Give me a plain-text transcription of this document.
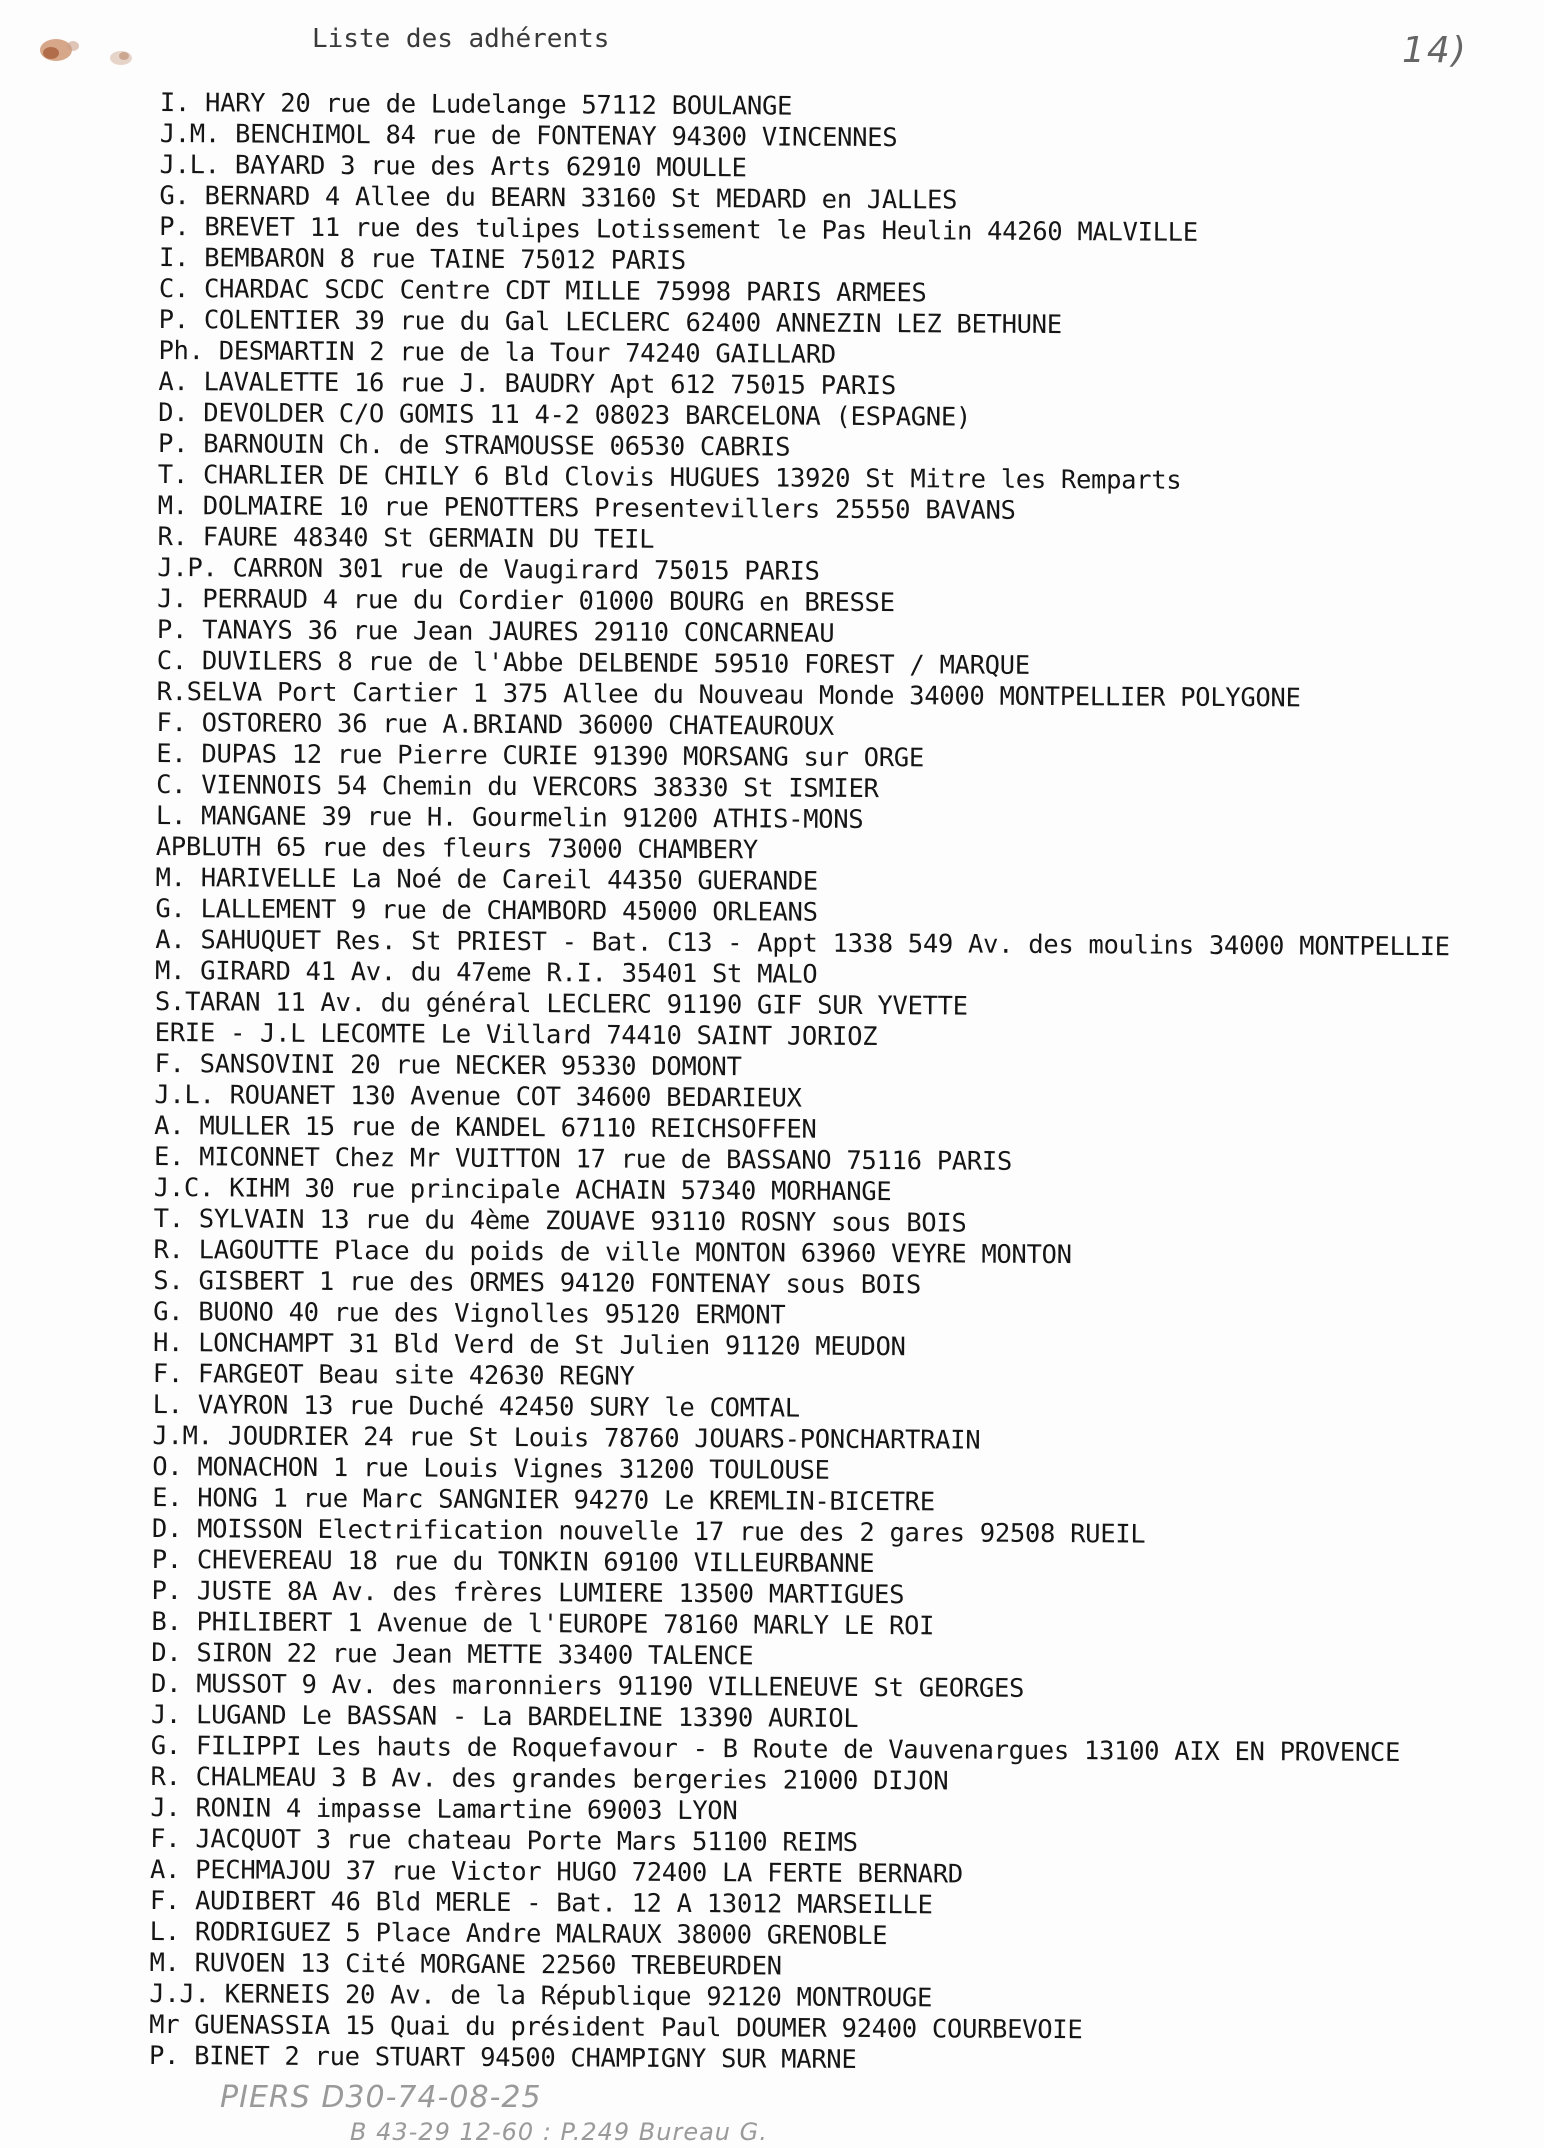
Liste des adhérents	14)
I. HARY 20 rue de Ludelange 57112 BOULANGE
J.M. BENCHIMOL 84 rue de FONTENAY 94300 VINCENNES
J.L. BAYARD 3 rue des Arts 62910 MOULLE
G. BERNARD 4 Allee du BEARN 33160 St MEDARD en JALLES
P. BREVET 11 rue des tulipes Lotissement le Pas Heulin 44260 MALVILLE
I. BEMBARON 8 rue TAINE 75012 PARIS
C. CHARDAC SCDC Centre CDT MILLE 75998 PARIS ARMEES
P. COLENTIER 39 rue du Gal LECLERC 62400 ANNEZIN LEZ BETHUNE
Ph. DESMARTIN 2 rue de la Tour 74240 GAILLARD
A. LAVALETTE 16 rue J. BAUDRY Apt 612 75015 PARIS
D. DEVOLDER C/O GOMIS 11 4-2 08023 BARCELONA (ESPAGNE)
P. BARNOUIN Ch. de STRAMOUSSE 06530 CABRIS
T. CHARLIER DE CHILY 6 Bld Clovis HUGUES 13920 St Mitre les Remparts
M. DOLMAIRE 10 rue PENOTTERS Presentevillers 25550 BAVANS
R. FAURE 48340 St GERMAIN DU TEIL
J.P. CARRON 301 rue de Vaugirard 75015 PARIS
J. PERRAUD 4 rue du Cordier 01000 BOURG en BRESSE
P. TANAYS 36 rue Jean JAURES 29110 CONCARNEAU
C. DUVILERS 8 rue de l'Abbe DELBENDE 59510 FOREST / MARQUE
R.SELVA Port Cartier 1 375 Allee du Nouveau Monde 34000 MONTPELLIER POLYGONE
F. OSTORERO 36 rue A.BRIAND 36000 CHATEAUROUX
E. DUPAS 12 rue Pierre CURIE 91390 MORSANG sur ORGE
C. VIENNOIS 54 Chemin du VERCORS 38330 St ISMIER
L. MANGANE 39 rue H. Gourmelin 91200 ATHIS-MONS
APBLUTH 65 rue des fleurs 73000 CHAMBERY
M. HARIVELLE La Noé de Careil 44350 GUERANDE
G. LALLEMENT 9 rue de CHAMBORD 45000 ORLEANS
A. SAHUQUET Res. St PRIEST - Bat. C13 - Appt 1338 549 Av. des moulins 34000 MONTPELLIE
M. GIRARD 41 Av. du 47eme R.I. 35401 St MALO
S.TARAN 11 Av. du général LECLERC 91190 GIF SUR YVETTE
ERIE - J.L LECOMTE Le Villard 74410 SAINT JORIOZ
F. SANSOVINI 20 rue NECKER 95330 DOMONT
J.L. ROUANET 130 Avenue COT 34600 BEDARIEUX
A. MULLER 15 rue de KANDEL 67110 REICHSOFFEN
E. MICONNET Chez Mr VUITTON 17 rue de BASSANO 75116 PARIS
J.C. KIHM 30 rue principale ACHAIN 57340 MORHANGE
T. SYLVAIN 13 rue du 4ème ZOUAVE 93110 ROSNY sous BOIS
R. LAGOUTTE Place du poids de ville MONTON 63960 VEYRE MONTON
S. GISBERT 1 rue des ORMES 94120 FONTENAY sous BOIS
G. BUONO 40 rue des Vignolles 95120 ERMONT
H. LONCHAMPT 31 Bld Verd de St Julien 91120 MEUDON
F. FARGEOT Beau site 42630 REGNY
L. VAYRON 13 rue Duché 42450 SURY le COMTAL
J.M. JOUDRIER 24 rue St Louis 78760 JOUARS-PONCHARTRAIN
O. MONACHON 1 rue Louis Vignes 31200 TOULOUSE
E. HONG 1 rue Marc SANGNIER 94270 Le KREMLIN-BICETRE
D. MOISSON Electrification nouvelle 17 rue des 2 gares 92508 RUEIL
P. CHEVEREAU 18 rue du TONKIN 69100 VILLEURBANNE
P. JUSTE 8A Av. des frères LUMIERE 13500 MARTIGUES
B. PHILIBERT 1 Avenue de l'EUROPE 78160 MARLY LE ROI
D. SIRON 22 rue Jean METTE 33400 TALENCE
D. MUSSOT 9 Av. des maronniers 91190 VILLENEUVE St GEORGES
J. LUGAND Le BASSAN - La BARDELINE 13390 AURIOL
G. FILIPPI Les hauts de Roquefavour - B Route de Vauvenargues 13100 AIX EN PROVENCE
R. CHALMEAU 3 B Av. des grandes bergeries 21000 DIJON
J. RONIN 4 impasse Lamartine 69003 LYON
F. JACQUOT 3 rue chateau Porte Mars 51100 REIMS
A. PECHMAJOU 37 rue Victor HUGO 72400 LA FERTE BERNARD
F. AUDIBERT 46 Bld MERLE - Bat. 12 A 13012 MARSEILLE
L. RODRIGUEZ 5 Place Andre MALRAUX 38000 GRENOBLE
M. RUVOEN 13 Cité MORGANE 22560 TREBEURDEN
J.J. KERNEIS 20 Av. de la République 92120 MONTROUGE
Mr GUENASSIA 15 Quai du président Paul DOUMER 92400 COURBEVOIE
P. BINET 2 rue STUART 94500 CHAMPIGNY SUR MARNE
PIERS D30-74-08-25
B 43-29 12-60 : P.249 Bureau G.
